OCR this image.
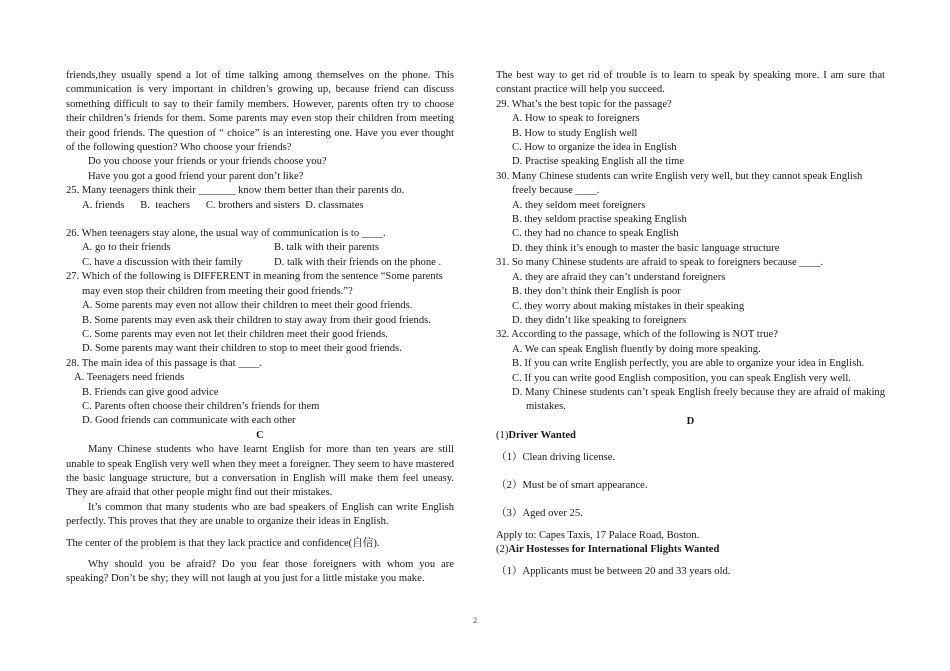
friends,they usually spend a lot of time talking among themselves on the phone. This communication is very important in children’s growing up, because friend can discuss something difficult to say to their family members. However, parents often try to choose their children’s friends for them. Some parents may even stop their children from meeting their good friends. The question of “ choice” is an interesting one. Have you ever thought of the following question? Who choose your friends?

Do you choose your friends or your friends choose you?

Have you got a good friend your parent don’t like?

25. Many teenagers think their _______ know them better than their parents do.

A. friends      B.  teachers      C. brothers and sisters  D. classmates

26. When teenagers stay alone, the usual way of communication is to ____.

A. go to their friends	B. talk with their parents
C. have a discussion with their family	D. talk with their friends on the phone .

27. Which of the following is DIFFERENT in meaning from the sentence “Some parents may even stop their children from meeting their good friends.”?

A. Some parents may even not allow their children to meet their good friends.

B. Some parents may even ask their children to stay away from their good friends.

C. Some parents may even not let their children meet their good friends.

D. Some parents may want their children to stop to meet their good friends.

28. The main idea of this passage is that ____.

A. Teenagers need friends

B. Friends can give good advice

C. Parents often choose their children’s friends for them

D. Good friends can communicate with each other

C

Many Chinese students who have learnt English for more than ten years are still unable to speak English very well when they meet a foreigner. They seem to have mastered the basic language structure, but a conversation in English will make them feel uneasy. They are afraid that other people might find out their mistakes.

It’s common that many students who are bad speakers of English can write English perfectly. This proves that they are unable to organize their ideas in English.

The center of the problem is that they lack practice and confidence(自信).

Why should you be afraid? Do you fear those foreigners with whom you are speaking? Don’t be shy; they will not laugh at you just for a little mistake you make.

The best way to get rid of trouble is to learn to speak by speaking more. I am sure that constant practice will help you succeed.

29. What’s the best topic for the passage?

A. How to speak to foreigners

B. How to study English well

C. How to organize the idea in English

D. Practise speaking English all the time

30. Many Chinese students can write English very well, but they cannot speak English freely because ____.

A. they seldom meet foreigners

B. they seldom practise speaking English

C. they had no chance to speak English

D. they think it’s enough to master the basic language structure

31. So many Chinese students are afraid to speak to foreigners because ____.

A. they are afraid they can’t understand foreigners

B. they don’t think their English is poor

C. they worry about making mistakes in their speaking

D. they didn’t like speaking to foreigners

32. According to the passage, which of the following is NOT true?

A. We can speak English fluently by doing more speaking.

B. If you can write English perfectly, you are able to organize your idea in English.

C. If you can write good English composition, you can speak English very well.

D. Many Chinese students can’t speak English freely because they are afraid of making mistakes.

D

(1)Driver Wanted

（1）Clean driving license.

（2）Must be of smart appearance.

（3）Aged over 25.

Apply to: Capes Taxis, 17 Palace Road, Boston.

(2)Air Hostesses for International Flights Wanted

（1）Applicants must be between 20 and 33 years old.

2
